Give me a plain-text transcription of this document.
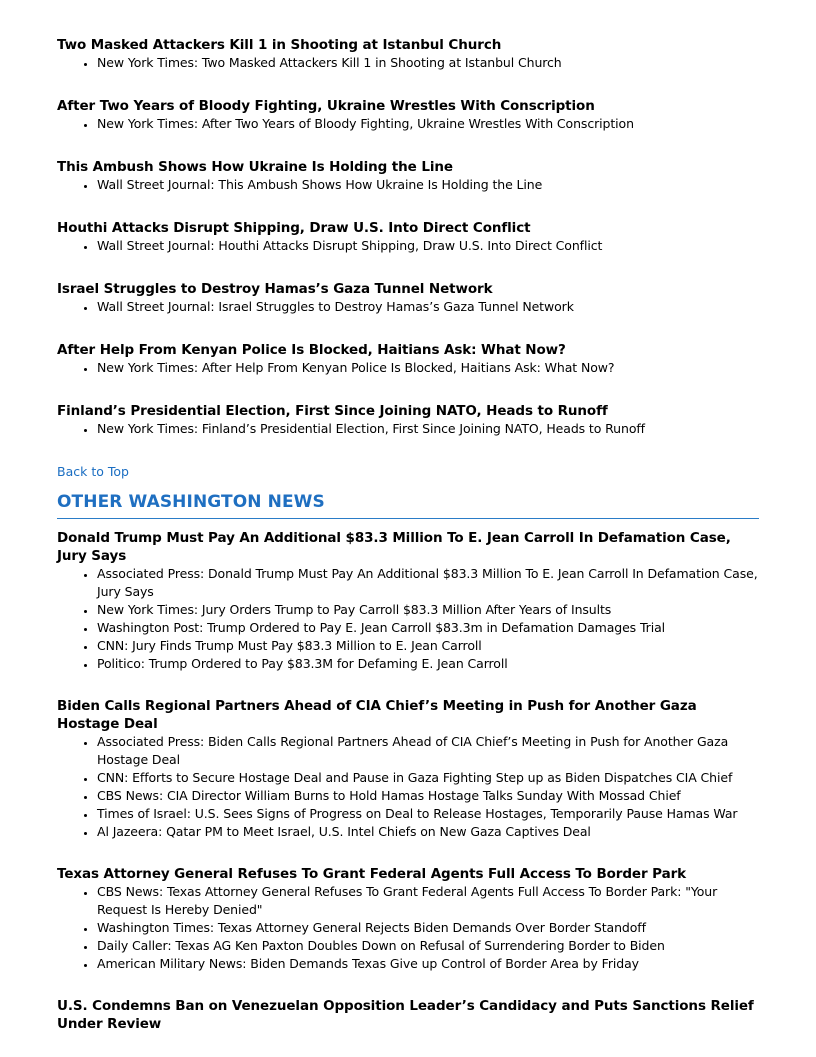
Two Masked Attackers Kill 1 in Shooting at Istanbul Church
• New York Times: Two Masked Attackers Kill 1 in Shooting at Istanbul Church
After Two Years of Bloody Fighting, Ukraine Wrestles With Conscription
• New York Times: After Two Years of Bloody Fighting, Ukraine Wrestles With Conscription
This Ambush Shows How Ukraine Is Holding the Line
• Wall Street Journal: This Ambush Shows How Ukraine Is Holding the Line
Houthi Attacks Disrupt Shipping, Draw U.S. Into Direct Conflict
• Wall Street Journal: Houthi Attacks Disrupt Shipping, Draw U.S. Into Direct Conflict
Israel Struggles to Destroy Hamas’s Gaza Tunnel Network
• Wall Street Journal: Israel Struggles to Destroy Hamas’s Gaza Tunnel Network
After Help From Kenyan Police Is Blocked, Haitians Ask: What Now?
• New York Times: After Help From Kenyan Police Is Blocked, Haitians Ask: What Now?
Finland’s Presidential Election, First Since Joining NATO, Heads to Runoff
• New York Times: Finland’s Presidential Election, First Since Joining NATO, Heads to Runoff
Back to Top
OTHER WASHINGTON NEWS
Donald Trump Must Pay An Additional $83.3 Million To E. Jean Carroll In Defamation Case, Jury Says
• Associated Press: Donald Trump Must Pay An Additional $83.3 Million To E. Jean Carroll In Defamation Case, Jury Says
• New York Times: Jury Orders Trump to Pay Carroll $83.3 Million After Years of Insults
• Washington Post: Trump Ordered to Pay E. Jean Carroll $83.3m in Defamation Damages Trial
• CNN: Jury Finds Trump Must Pay $83.3 Million to E. Jean Carroll
• Politico: Trump Ordered to Pay $83.3M for Defaming E. Jean Carroll
Biden Calls Regional Partners Ahead of CIA Chief’s Meeting in Push for Another Gaza Hostage Deal
• Associated Press: Biden Calls Regional Partners Ahead of CIA Chief’s Meeting in Push for Another Gaza Hostage Deal
• CNN: Efforts to Secure Hostage Deal and Pause in Gaza Fighting Step up as Biden Dispatches CIA Chief
• CBS News: CIA Director William Burns to Hold Hamas Hostage Talks Sunday With Mossad Chief
• Times of Israel: U.S. Sees Signs of Progress on Deal to Release Hostages, Temporarily Pause Hamas War
• Al Jazeera: Qatar PM to Meet Israel, U.S. Intel Chiefs on New Gaza Captives Deal
Texas Attorney General Refuses To Grant Federal Agents Full Access To Border Park
• CBS News: Texas Attorney General Refuses To Grant Federal Agents Full Access To Border Park: "Your Request Is Hereby Denied"
• Washington Times: Texas Attorney General Rejects Biden Demands Over Border Standoff
• Daily Caller: Texas AG Ken Paxton Doubles Down on Refusal of Surrendering Border to Biden
• American Military News: Biden Demands Texas Give up Control of Border Area by Friday
U.S. Condemns Ban on Venezuelan Opposition Leader’s Candidacy and Puts Sanctions Relief Under Review
